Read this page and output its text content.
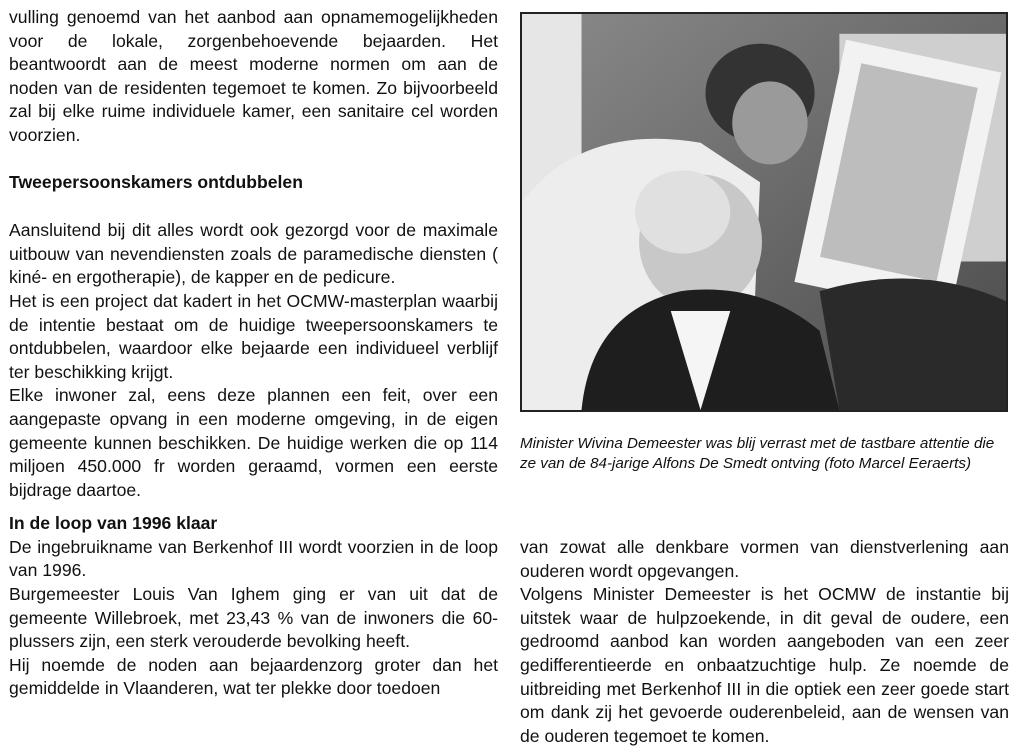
vulling genoemd van het aanbod aan opnamemogelijkheden voor de lokale, zorgenbehoevende bejaarden. Het beantwoordt aan de meest moderne normen om aan de noden van de residenten tegemoet te komen. Zo bijvoorbeeld zal bij elke ruime individuele kamer, een sanitaire cel worden voorzien.

Tweepersoonskamers ontdubbelen

Aansluitend bij dit alles wordt ook gezorgd voor de maximale uitbouw van nevendiensten zoals de paramedische diensten ( kiné- en ergotherapie), de kapper en de pedicure.

Het is een project dat kadert in het OCMW-masterplan waarbij de intentie bestaat om de huidige tweepersoonskamers te ontdubbelen, waardoor elke bejaarde een individueel verblijf ter beschikking krijgt.

Elke inwoner zal, eens deze plannen een feit, over een aangepaste opvang in een moderne omgeving, in de eigen gemeente kunnen beschikken. De huidige werken die op 114 miljoen 450.000 fr worden geraamd, vormen een eerste bijdrage daartoe.

In de loop van 1996 klaar

De ingebruikname van Berkenhof III wordt voorzien in de loop van 1996.

Burgemeester Louis Van Ighem ging er van uit dat de gemeente Willebroek, met 23,43 % van de inwoners die 60-plussers zijn, een sterk verouderde bevolking heeft.

Hij noemde de noden aan bejaardenzorg groter dan het gemiddelde in Vlaanderen, wat ter plekke door toedoen

Minister Wivina Demeester was blij verrast met de tastbare attentie die ze van de 84-jarige Alfons De Smedt ontving (foto Marcel Eeraerts)

van zowat alle denkbare vormen van dienstverlening aan ouderen wordt opgevangen.

Volgens Minister Demeester is het OCMW de instantie bij uitstek waar de hulpzoekende, in dit geval de oudere, een gedroomd aanbod kan worden aangeboden van een zeer gedifferentieerde en onbaatzuchtige hulp. Ze noemde de uitbreiding met Berkenhof III in die optiek een zeer goede start om dank zij het gevoerde ouderenbeleid, aan de wensen van de ouderen tegemoet te komen.
